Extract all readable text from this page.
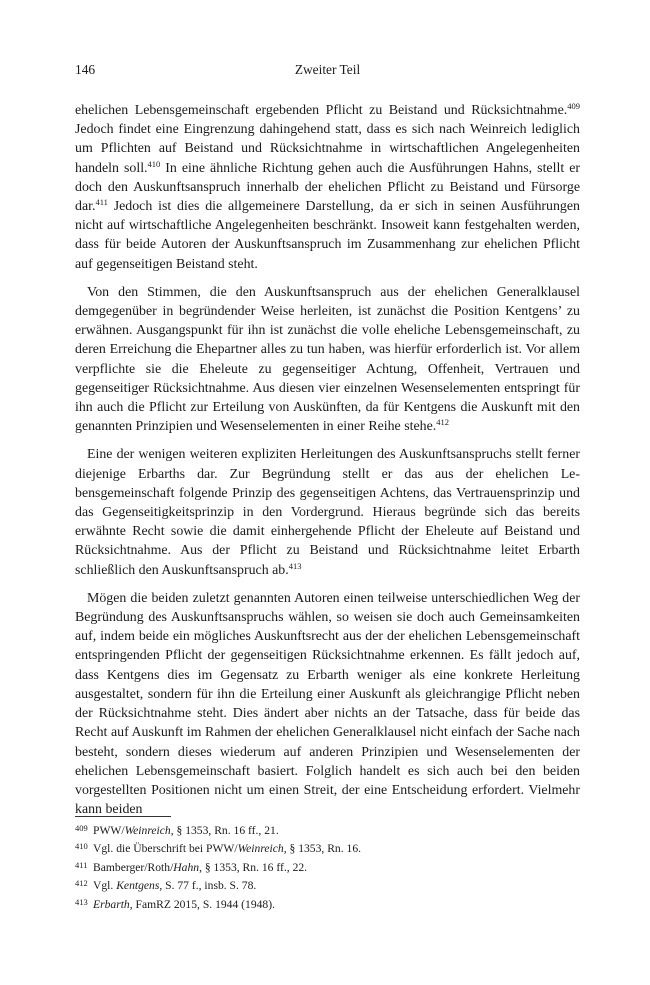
146	Zweiter Teil

ehelichen Lebensgemeinschaft ergebenden Pflicht zu Beistand und Rücksichtnahme.$^{409}$ Jedoch findet eine Eingrenzung dahingehend statt, dass es sich nach Weinreich lediglich um Pflichten auf Beistand und Rücksichtnahme in wirtschaftlichen Angelegenheiten handeln soll.$^{410}$ In eine ähnliche Richtung gehen auch die Ausführungen Hahns, stellt er doch den Auskunftsanspruch innerhalb der ehelichen Pflicht zu Beistand und Fürsorge dar.$^{411}$ Jedoch ist dies die allgemeinere Darstellung, da er sich in seinen Ausführungen nicht auf wirtschaftliche Angelegenheiten beschränkt. Insoweit kann festgehalten werden, dass für beide Autoren der Auskunftsanspruch im Zusammenhang zur ehelichen Pflicht auf gegenseitigen Beistand steht.

Von den Stimmen, die den Auskunftsanspruch aus der ehelichen Generalklausel demgegenüber in begründender Weise herleiten, ist zunächst die Position Kentgens’ zu erwähnen. Ausgangspunkt für ihn ist zunächst die volle eheliche Lebensgemeinschaft, zu deren Erreichung die Ehepartner alles zu tun haben, was hierfür erforderlich ist. Vor allem verpflichte sie die Eheleute zu gegenseitiger Achtung, Offenheit, Vertrauen und gegenseitiger Rücksichtnahme. Aus diesen vier einzelnen Wesenselementen entspringt für ihn auch die Pflicht zur Erteilung von Auskünften, da für Kentgens die Auskunft mit den genannten Prinzipien und Wesenselementen in einer Reihe stehe.$^{412}$

Eine der wenigen weiteren expliziten Herleitungen des Auskunftsanspruchs stellt ferner diejenige Erbarths dar. Zur Begründung stellt er das aus der ehelichen Lebensgemeinschaft folgende Prinzip des gegenseitigen Achtens, das Vertrauensprinzip und das Gegenseitigkeitsprinzip in den Vordergrund. Hieraus begründe sich das bereits erwähnte Recht sowie die damit einhergehende Pflicht der Eheleute auf Beistand und Rücksichtnahme. Aus der Pflicht zu Beistand und Rücksichtnahme leitet Erbarth schließlich den Auskunftsanspruch ab.$^{413}$

Mögen die beiden zuletzt genannten Autoren einen teilweise unterschiedlichen Weg der Begründung des Auskunftsanspruchs wählen, so weisen sie doch auch Gemeinsamkeiten auf, indem beide ein mögliches Auskunftsrecht aus der der ehelichen Lebensgemeinschaft entspringenden Pflicht der gegenseitigen Rücksichtnahme erkennen. Es fällt jedoch auf, dass Kentgens dies im Gegensatz zu Erbarth weniger als eine konkrete Herleitung ausgestaltet, sondern für ihn die Erteilung einer Auskunft als gleichrangige Pflicht neben der Rücksichtnahme steht. Dies ändert aber nichts an der Tatsache, dass für beide das Recht auf Auskunft im Rahmen der ehelichen Generalklausel nicht einfach der Sache nach besteht, sondern dieses wiederum auf anderen Prinzipien und Wesenselementen der ehelichen Lebensgemeinschaft basiert. Folglich handelt es sich auch bei den beiden vorgestellten Positionen nicht um einen Streit, der eine Entscheidung erfordert. Vielmehr kann beiden

409 PWW/Weinreich, § 1353, Rn. 16 ff., 21.
410 Vgl. die Überschrift bei PWW/Weinreich, § 1353, Rn. 16.
411 Bamberger/Roth/Hahn, § 1353, Rn. 16 ff., 22.
412 Vgl. Kentgens, S. 77 f., insb. S. 78.
413 Erbarth, FamRZ 2015, S. 1944 (1948).
